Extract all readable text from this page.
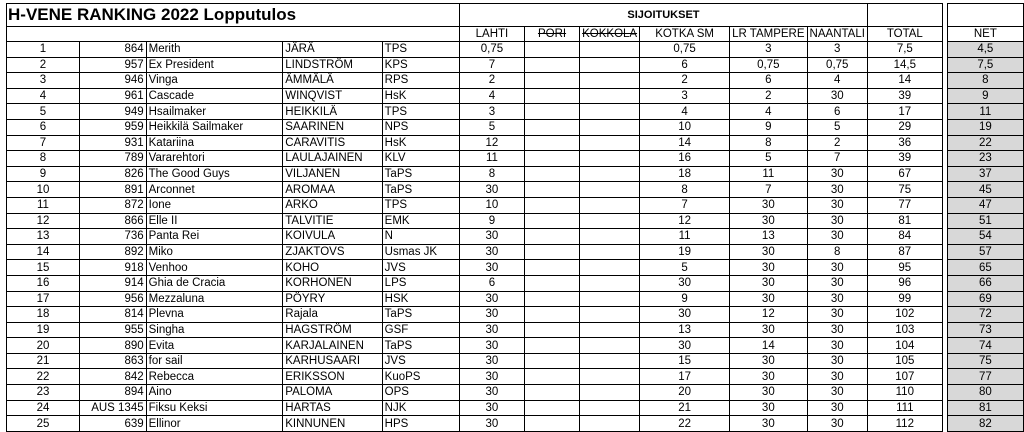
H-VENE RANKING 2022 Lopputulos					SIJOITUKSET								
					LAHTI	PORI	KOKKOLA	KOTKA SM	LR TAMPERE	NAANTALI	TOTAL		NET
1	864	Merith	JÄRÄ	TPS	0,75			0,75	3	3	7,5		4,5
2	957	Ex President	LINDSTRÖM	KPS	7			6	0,75	0,75	14,5		7,5
3	946	Vinga	ÄMMÄLÄ	RPS	2			2	6	4	14		8
4	961	Cascade	WINQVIST	HsK	4			3	2	30	39		9
5	949	Hsailmaker	HEIKKILÄ	TPS	3			4	4	6	17		11
6	959	Heikkilä Sailmaker	SAARINEN	NPS	5			10	9	5	29		19
7	931	Katariina	CARAVITIS	HsK	12			14	8	2	36		22
8	789	Vararehtori	LAULAJAINEN	KLV	11			16	5	7	39		23
9	826	The Good Guys	VILJANEN	TaPS	8			18	11	30	67		37
10	891	Arconnet	AROMAA	TaPS	30			8	7	30	75		45
11	872	Ione	ARKO	TPS	10			7	30	30	77		47
12	866	Elle II	TALVITIE	EMK	9			12	30	30	81		51
13	736	Panta Rei	KOIVULA	N	30			11	13	30	84		54
14	892	Miko	ZJAKTOVS	Usmas JK	30			19	30	8	87		57
15	918	Venhoo	KOHO	JVS	30			5	30	30	95		65
16	914	Ghia de Cracia	KORHONEN	LPS	6			30	30	30	96		66
17	956	Mezzaluna	PÖYRY	HSK	30			9	30	30	99		69
18	814	Plevna	Rajala	TaPS	30			30	12	30	102		72
19	955	Singha	HAGSTRÖM	GSF	30			13	30	30	103		73
20	890	Evita	KARJALAINEN	TaPS	30			30	14	30	104		74
21	863	for sail	KARHUSAARI	JVS	30			15	30	30	105		75
22	842	Rebecca	ERIKSSON	KuoPS	30			17	30	30	107		77
23	894	Aino	PALOMA	OPS	30			20	30	30	110		80
24	AUS 1345	Fiksu Keksi	HARTAS	NJK	30			21	30	30	111		81
25	639	Ellinor	KINNUNEN	HPS	30			22	30	30	112		82
